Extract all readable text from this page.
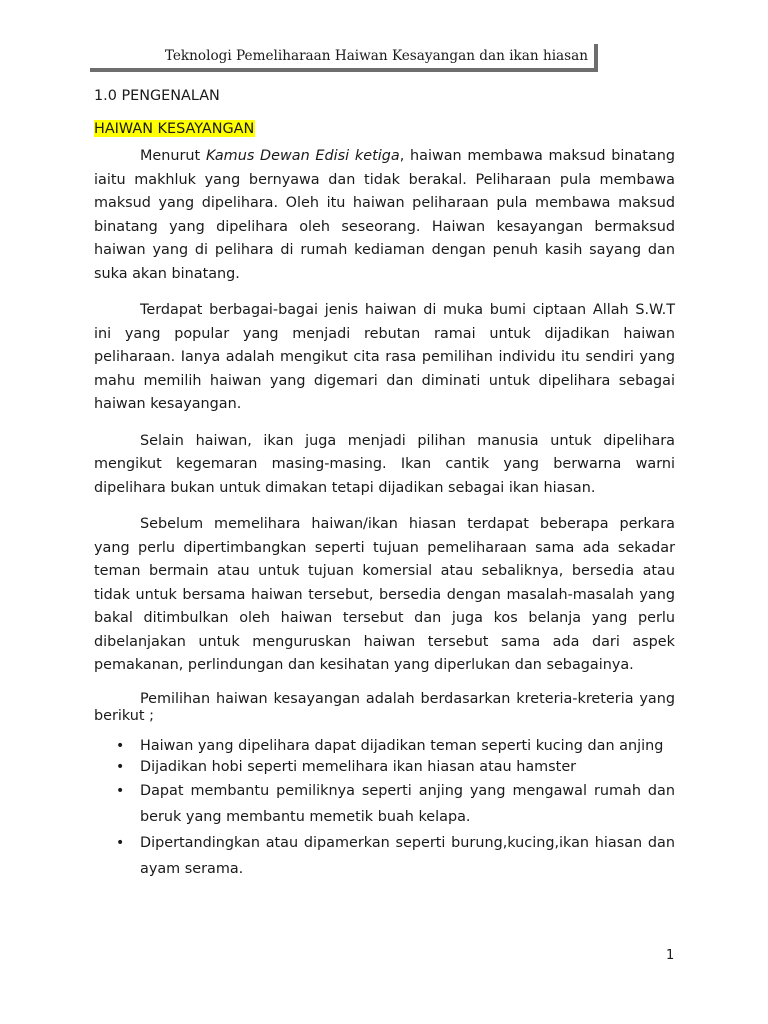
Teknologi Pemeliharaan Haiwan Kesayangan dan ikan hiasan

1.0 PENGENALAN

HAIWAN KESAYANGAN

Menurut Kamus Dewan Edisi ketiga, haiwan membawa maksud binatang iaitu makhluk yang bernyawa dan tidak berakal. Peliharaan pula membawa maksud yang dipelihara. Oleh itu haiwan peliharaan pula membawa maksud binatang yang dipelihara oleh seseorang. Haiwan kesayangan bermaksud haiwan yang di pelihara di rumah kediaman dengan penuh kasih sayang dan suka akan binatang.

Terdapat berbagai-bagai jenis haiwan di muka bumi ciptaan Allah S.W.T ini yang popular yang menjadi rebutan ramai untuk dijadikan haiwan peliharaan. Ianya adalah mengikut cita rasa pemilihan individu itu sendiri yang mahu memilih haiwan yang digemari dan diminati untuk dipelihara sebagai haiwan kesayangan.

Selain haiwan, ikan juga menjadi pilihan manusia untuk dipelihara mengikut kegemaran masing-masing. Ikan cantik yang berwarna warni dipelihara bukan untuk dimakan tetapi dijadikan sebagai ikan hiasan.

Sebelum memelihara haiwan/ikan hiasan terdapat beberapa perkara yang perlu dipertimbangkan seperti tujuan pemeliharaan sama ada sekadar teman bermain atau untuk tujuan komersial atau sebaliknya, bersedia atau tidak untuk bersama haiwan tersebut, bersedia dengan masalah-masalah yang bakal ditimbulkan oleh haiwan tersebut dan juga kos belanja yang perlu dibelanjakan untuk menguruskan haiwan tersebut sama ada dari aspek pemakanan, perlindungan dan kesihatan yang diperlukan dan sebagainya.

Pemilihan haiwan kesayangan adalah berdasarkan kreteria-kreteria yang berikut ;

• Haiwan yang dipelihara dapat dijadikan teman seperti kucing dan anjing
• Dijadikan hobi seperti memelihara ikan hiasan atau hamster
• Dapat membantu pemiliknya seperti anjing yang mengawal rumah dan beruk yang membantu memetik buah kelapa.
• Dipertandingkan atau dipamerkan seperti burung,kucing,ikan hiasan dan ayam serama.
1
